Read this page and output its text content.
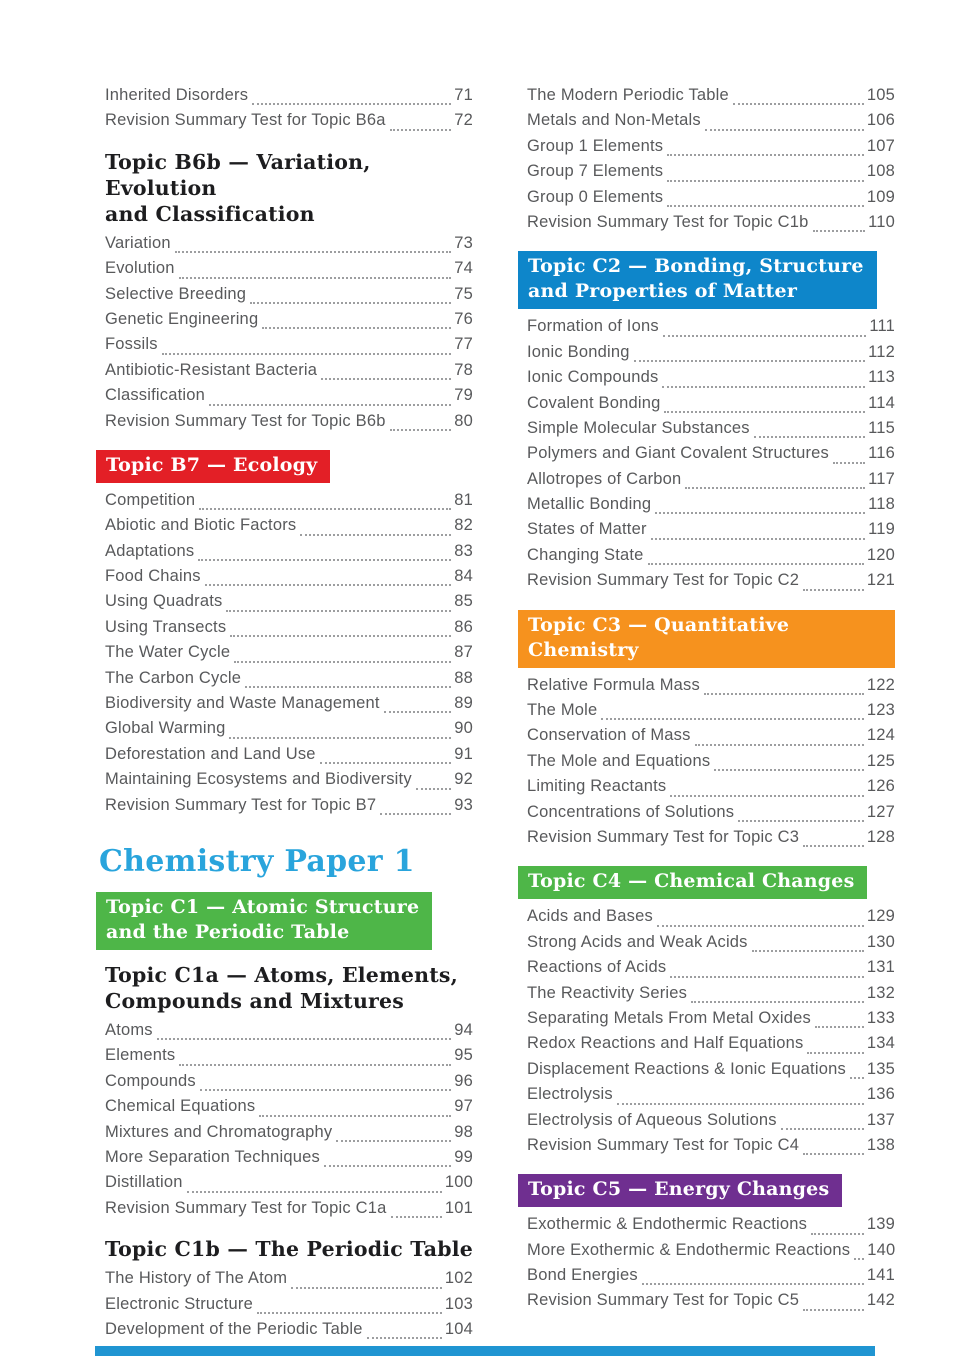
Inherited Disorders	71
Revision Summary Test for Topic B6a	72
Topic B6b — Variation, Evolution
and Classification
Variation	73
Evolution	74
Selective Breeding	75
Genetic Engineering	76
Fossils	77
Antibiotic-Resistant Bacteria	78
Classification	79
Revision Summary Test for Topic B6b	80
Topic B7 — Ecology
Competition	81
Abiotic and Biotic Factors	82
Adaptations	83
Food Chains	84
Using Quadrats	85
Using Transects	86
The Water Cycle	87
The Carbon Cycle	88
Biodiversity and Waste Management	89
Global Warming	90
Deforestation and Land Use	91
Maintaining Ecosystems and Biodiversity	92
Revision Summary Test for Topic B7	93
Chemistry Paper 1
Topic C1 — Atomic Structure
and the Periodic Table
Topic C1a — Atoms, Elements,
Compounds and Mixtures
Atoms	94
Elements	95
Compounds	96
Chemical Equations	97
Mixtures and Chromatography	98
More Separation Techniques	99
Distillation	100
Revision Summary Test for Topic C1a	101
Topic C1b — The Periodic Table
The History of The Atom	102
Electronic Structure	103
Development of the Periodic Table	104
The Modern Periodic Table	105
Metals and Non-Metals	106
Group 1 Elements	107
Group 7 Elements	108
Group 0 Elements	109
Revision Summary Test for Topic C1b	110
Topic C2 — Bonding, Structure
and Properties of Matter
Formation of Ions	111
Ionic Bonding	112
Ionic Compounds	113
Covalent Bonding	114
Simple Molecular Substances	115
Polymers and Giant Covalent Structures 116
Allotropes of Carbon	117
Metallic Bonding	118
States of Matter	119
Changing State	120
Revision Summary Test for Topic C2	121
Topic C3 — Quantitative Chemistry
Relative Formula Mass	122
The Mole	123
Conservation of Mass	124
The Mole and Equations	125
Limiting Reactants	126
Concentrations of Solutions	127
Revision Summary Test for Topic C3	128
Topic C4 — Chemical Changes
Acids and Bases	129
Strong Acids and Weak Acids	130
Reactions of Acids	131
The Reactivity Series	132
Separating Metals From Metal Oxides	133
Redox Reactions and Half Equations	134
Displacement Reactions & Ionic Equations 135
Electrolysis	136
Electrolysis of Aqueous Solutions	137
Revision Summary Test for Topic C4	138
Topic C5 — Energy Changes
Exothermic & Endothermic Reactions	139
More Exothermic & Endothermic Reactions 140
Bond Energies	141
Revision Summary Test for Topic C5	142
